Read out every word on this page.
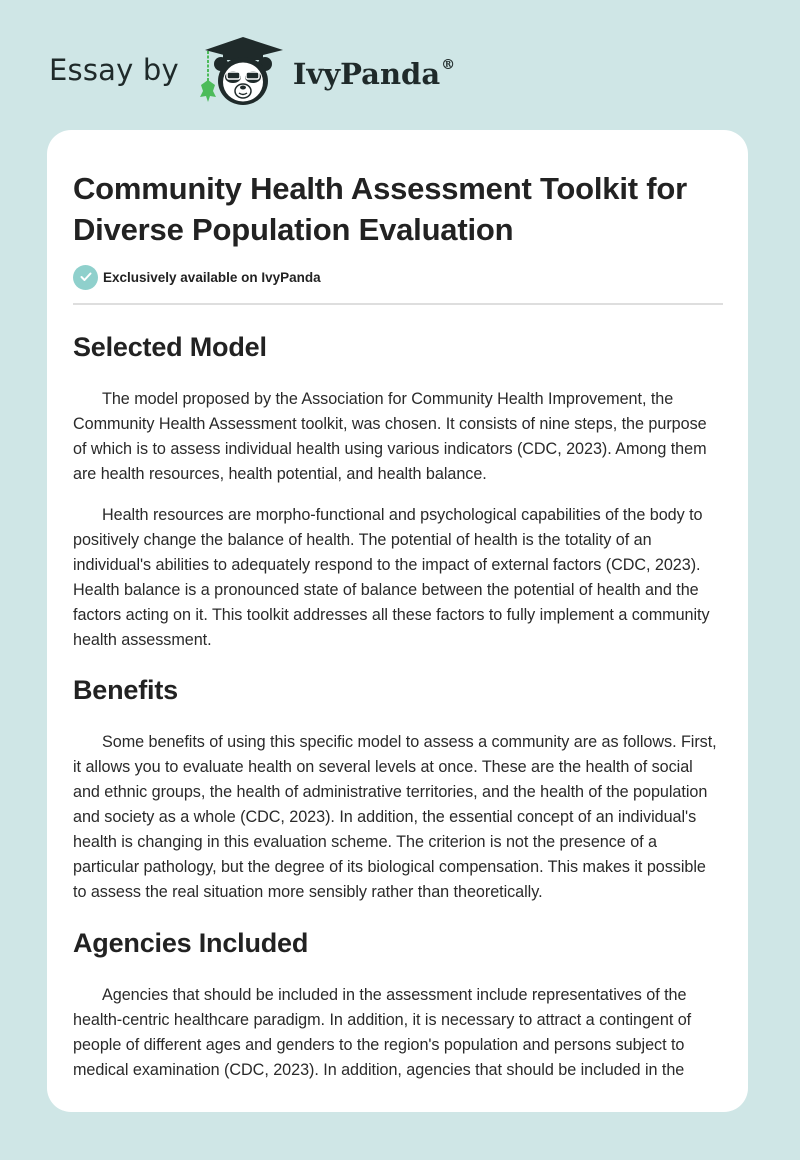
Essay by	IvyPanda®
Community Health Assessment Toolkit for Diverse Population Evaluation
Exclusively available on IvyPanda
Selected Model

The model proposed by the Association for Community Health Improvement, the Community Health Assessment toolkit, was chosen. It consists of nine steps, the purpose of which is to assess individual health using various indicators (CDC, 2023). Among them are health resources, health potential, and health balance.

Health resources are morpho-functional and psychological capabilities of the body to positively change the balance of health. The potential of health is the totality of an individual's abilities to adequately respond to the impact of external factors (CDC, 2023). Health balance is a pronounced state of balance between the potential of health and the factors acting on it. This toolkit addresses all these factors to fully implement a community health assessment.

Benefits

Some benefits of using this specific model to assess a community are as follows. First, it allows you to evaluate health on several levels at once. These are the health of social and ethnic groups, the health of administrative territories, and the health of the population and society as a whole (CDC, 2023). In addition, the essential concept of an individual's health is changing in this evaluation scheme. The criterion is not the presence of a particular pathology, but the degree of its biological compensation. This makes it possible to assess the real situation more sensibly rather than theoretically.

Agencies Included

Agencies that should be included in the assessment include representatives of the health-centric healthcare paradigm. In addition, it is necessary to attract a contingent of people of different ages and genders to the region's population and persons subject to medical examination (CDC, 2023). In addition, agencies that should be included in the
